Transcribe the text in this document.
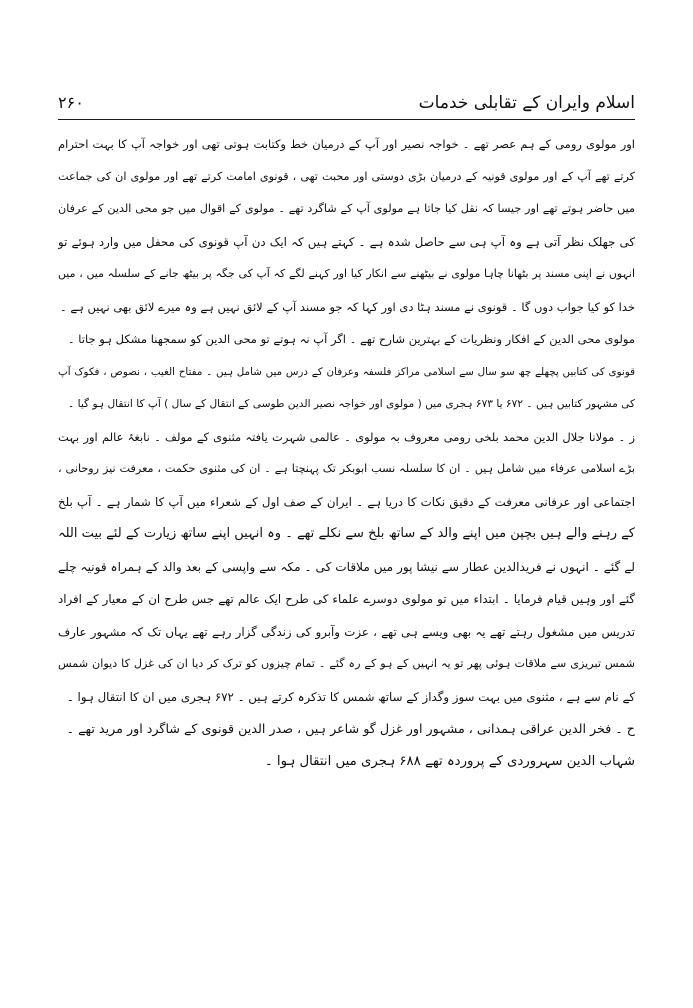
اسلام وایران کے تقابلی خدمات
۲۶۰
اور مولوی رومی کے ہم عصر تھے ۔ خواجہ نصیر اور آپ کے درمیان خط وکتابت ہوتی تھی اور خواجہ آپ کا بہت احترام
کرتے تھے آپ کے اور مولوی قونیہ کے درمیان بڑی دوستی اور محبت تھی ، قونوی امامت کرتے تھے اور مولوی ان کی جماعت
میں حاضر ہوتے تھے اور جیسا کہ نقل کیا جاتا ہے مولوی آپ کے شاگرد تھے ۔ مولوی کے اقوال میں جو محی الدین کے عرفان
کی جھلک نظر آتی ہے وہ آپ ہی سے حاصل شدہ ہے ۔ کہتے ہیں کہ ایک دن آپ قونوی کی محفل میں وارد ہوئے تو
انہوں نے اپنی مسند پر بٹھانا چاہا مولوی نے بیٹھنے سے انکار کیا اور کہنے لگے کہ آپ کی جگہ پر بیٹھ جانے کے سلسلہ میں ، میں
خدا کو کیا جواب دوں گا ۔ قونوی نے مسند ہٹا دی اور کہا کہ جو مسند آپ کے لائق نہیں ہے وہ میرے لائق بھی نہیں ہے ۔
مولوی محی الدین کے افکار ونظریات کے بہترین شارح تھے ۔ اگر آپ نہ ہوتے تو محی الدین کو سمجھنا مشکل ہو جاتا ۔
قونوی کی کتابیں پچھلے چھ سو سال سے اسلامی مراکز فلسفہ وعرفان کے درس میں شامل ہیں ۔ مفتاح الغیب ، نصوص ، فکوک آپ
کی مشہور کتابیں ہیں ۔ ۶۷۲ یا ۶۷۳ ہجری میں ( مولوی اور خواجہ نصیر الدین طوسی کے انتقال کے سال ) آپ کا انتقال ہو گیا ۔
ز ۔ مولانا جلال الدین محمد بلخی رومی معروف بہ مولوی ۔ عالمی شہرت یافتہ مثنوی کے مولف ۔ نابغۂ عالم اور بہت
بڑے اسلامی عرفاء میں شامل ہیں ۔ ان کا سلسلہ نسب ابوبکر تک پہنچتا ہے ۔ ان کی مثنوی حکمت ، معرفت نیز روحانی ،
اجتماعی اور عرفانی معرفت کے دقیق نکات کا دریا ہے ۔ ایران کے صف اول کے شعراء میں آپ کا شمار ہے ۔ آپ بلخ
کے رہنے والے ہیں بچپن میں اپنے والد کے ساتھ بلخ سے نکلے تھے ۔ وہ انہیں اپنے ساتھ زیارت کے لئے بیت اللہ
لے گئے ۔ انہوں نے فریدالدین عطار سے نیشا پور میں ملاقات کی ۔ مکہ سے واپسی کے بعد والد کے ہمراہ قونیہ چلے
گئے اور وہیں قیام فرمایا ۔ ابتداء میں تو مولوی دوسرے علماء کی طرح ایک عالم تھے جس طرح ان کے معیار کے افراد
تدریس میں مشغول رہتے تھے یہ بھی ویسے ہی تھے ، عزت وآبرو کی زندگی گزار رہے تھے یہاں تک کہ مشہور عارف
شمس تبریزی سے ملاقات ہوئی پھر تو یہ انہیں کے ہو کے رہ گئے ۔ تمام چیزوں کو ترک کر دیا ان کی غزل کا دیوان شمس
کے نام سے ہے ، مثنوی میں بہت سوز وگداز کے ساتھ شمس کا تذکرہ کرتے ہیں ۔ ۶۷۲ ہجری میں ان کا انتقال ہوا ۔
ح ۔ فخر الدین عراقی ہمدانی ، مشہور اور غزل گو شاعر ہیں ، صدر الدین قونوی کے شاگرد اور مرید تھے ۔
شہاب الدین سہروردی کے پروردہ تھے ۶۸۸ ہجری میں انتقال ہوا ۔
